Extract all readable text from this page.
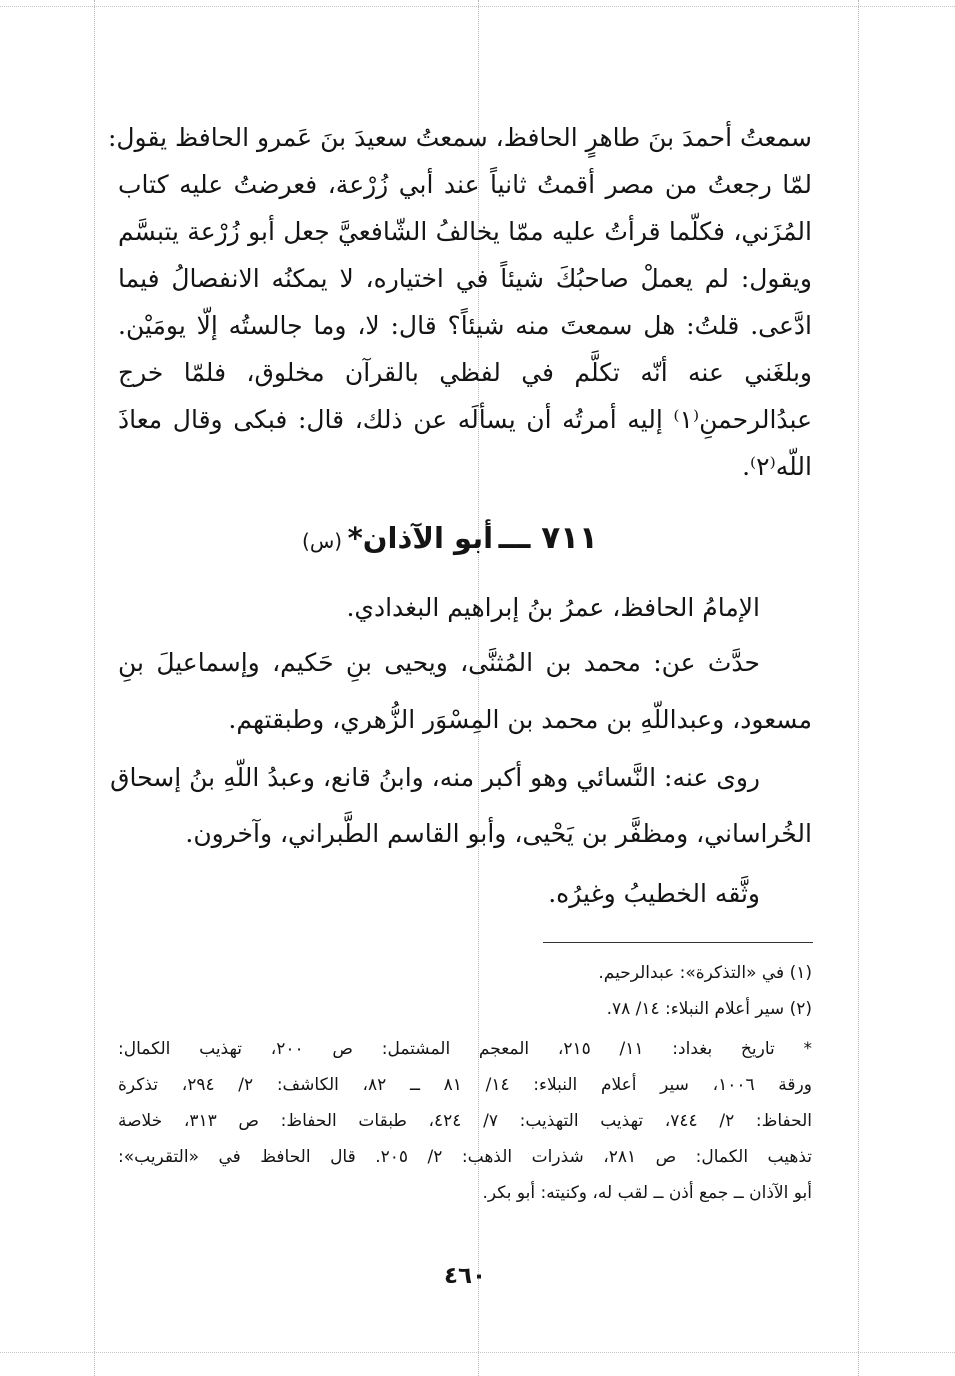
سمعتُ أحمدَ بنَ طاهرٍ الحافظ، سمعتُ سعيدَ بنَ عَمرو الحافظ يقول:
لمّا رجعتُ من مصر أقمتُ ثانياً عند أبي زُرْعة، فعرضتُ عليه كتاب
المُزَني، فكلّما قرأتُ عليه ممّا يخالفُ الشّافعيَّ جعل أبو زُرْعة يتبسَّم
ويقول: لم يعملْ صاحبُكَ شيئاً في اختياره، لا يمكنُه الانفصالُ فيما
ادَّعى. قلتُ: هل سمعتَ منه شيئاً؟ قال: لا، وما جالستُه إلّا يومَيْن.
وبلغَني عنه أنّه تكلَّم في لفظي بالقرآن مخلوق، فلمّا خرج
عبدُالرحمنِ⁽١⁾ إليه أمرتُه أن يسألَه عن ذلك، قال: فبكى وقال معاذَ
اللّه⁽٢⁾.
٧١١ ـــ أبو الآذان* (س)
الإمامُ الحافظ، عمرُ بنُ إبراهيم البغدادي.
حدَّث عن: محمد بن المُثنَّى، ويحيى بنِ حَكيم، وإسماعيلَ بنِ
مسعود، وعبداللّهِ بن محمد بن المِسْوَر الزُّهري، وطبقتهم.
روى عنه: النَّسائي وهو أكبر منه، وابنُ قانع، وعبدُ اللّهِ بنُ إسحاق
الخُراساني، ومظفَّر بن يَحْيى، وأبو القاسم الطَّبراني، وآخرون.
وثَّقه الخطيبُ وغيرُه.
(١) في «التذكرة»: عبدالرحيم.
(٢) سير أعلام النبلاء: ١٤/ ٧٨.
* تاريخ بغداد: ١١/ ٢١٥، المعجم المشتمل: ص ٢٠٠، تهذيب الكمال:
ورقة ١٠٠٦، سير أعلام النبلاء: ١٤/ ٨١ ــ ٨٢، الكاشف: ٢/ ٢٩٤، تذكرة
الحفاظ: ٢/ ٧٤٤، تهذيب التهذيب: ٧/ ٤٢٤، طبقات الحفاظ: ص ٣١٣، خلاصة
تذهيب الكمال: ص ٢٨١، شذرات الذهب: ٢/ ٢٠٥. قال الحافظ في «التقريب»:
أبو الآذان ــ جمع أذن ــ لقب له، وكنيته: أبو بكر.
٤٦٠
